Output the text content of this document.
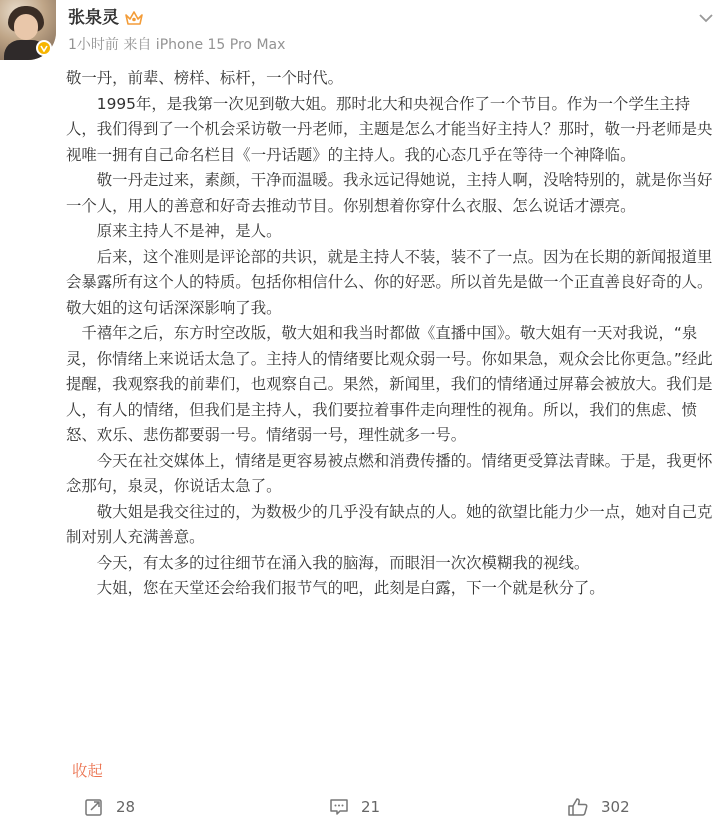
张泉灵
1小时前 来自 iPhone 15 Pro Max

敬一丹，前辈、榜样、标杆，一个时代。

　　1995年，是我第一次见到敬大姐。那时北大和央视合作了一个节目。作为一个学生主持人，我们得到了一个机会采访敬一丹老师，主题是怎么才能当好主持人？那时，敬一丹老师是央视唯一拥有自己命名栏目《一丹话题》的主持人。我的心态几乎在等待一个神降临。

　　敬一丹走过来，素颜，干净而温暖。我永远记得她说，主持人啊，没啥特别的，就是你当好一个人，用人的善意和好奇去推动节目。你别想着你穿什么衣服、怎么说话才漂亮。

　　原来主持人不是神，是人。

　　后来，这个准则是评论部的共识，就是主持人不装，装不了一点。因为在长期的新闻报道里会暴露所有这个人的特质。包括你相信什么、你的好恶。所以首先是做一个正直善良好奇的人。敬大姐的这句话深深影响了我。

　千禧年之后，东方时空改版，敬大姐和我当时都做《直播中国》。敬大姐有一天对我说，“泉灵，你情绪上来说话太急了。主持人的情绪要比观众弱一号。你如果急，观众会比你更急。”经此提醒，我观察我的前辈们，也观察自己。果然，新闻里，我们的情绪通过屏幕会被放大。我们是人，有人的情绪，但我们是主持人，我们要拉着事件走向理性的视角。所以，我们的焦虑、愤怒、欢乐、悲伤都要弱一号。情绪弱一号，理性就多一号。

　　今天在社交媒体上，情绪是更容易被点燃和消费传播的。情绪更受算法青睐。于是，我更怀念那句，泉灵，你说话太急了。

　　敬大姐是我交往过的，为数极少的几乎没有缺点的人。她的欲望比能力少一点，她对自己克制对别人充满善意。

　　今天，有太多的过往细节在涌入我的脑海，而眼泪一次次模糊我的视线。

　　大姐，您在天堂还会给我们报节气的吧，此刻是白露，下一个就是秋分了。

收起
28	21	302
